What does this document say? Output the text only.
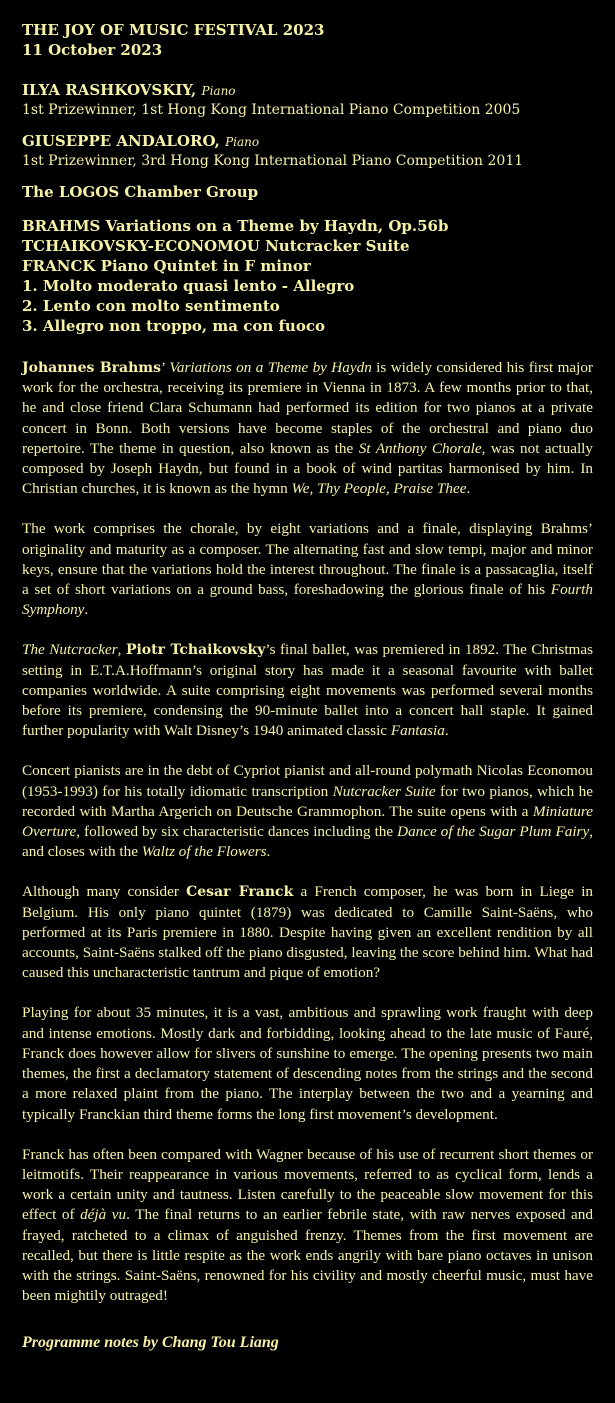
THE JOY OF MUSIC FESTIVAL 2023

11 October 2023

ILYA RASHKOVSKIY, Piano

1st Prizewinner, 1st Hong Kong International Piano Competition 2005

GIUSEPPE ANDALORO, Piano

1st Prizewinner, 3rd Hong Kong International Piano Competition 2011

The LOGOS Chamber Group

BRAHMS Variations on a Theme by Haydn, Op.56b

TCHAIKOVSKY-ECONOMOU Nutcracker Suite

FRANCK Piano Quintet in F minor

1. Molto moderato quasi lento - Allegro

2. Lento con molto sentimento

3. Allegro non troppo, ma con fuoco

Johannes Brahms’ Variations on a Theme by Haydn is widely considered his first major work for the orchestra, receiving its premiere in Vienna in 1873. A few months prior to that, he and close friend Clara Schumann had performed its edition for two pianos at a private concert in Bonn. Both versions have become staples of the orchestral and piano duo repertoire. The theme in question, also known as the St Anthony Chorale, was not actually composed by Joseph Haydn, but found in a book of wind partitas harmonised by him. In Christian churches, it is known as the hymn We, Thy People, Praise Thee.

The work comprises the chorale, by eight variations and a finale, displaying Brahms’ originality and maturity as a composer. The alternating fast and slow tempi, major and minor keys, ensure that the variations hold the interest throughout. The finale is a passacaglia, itself a set of short variations on a ground bass, foreshadowing the glorious finale of his Fourth Symphony.

The Nutcracker, Piotr Tchaikovsky’s final ballet, was premiered in 1892. The Christmas setting in E.T.A.Hoffmann’s original story has made it a seasonal favourite with ballet companies worldwide. A suite comprising eight movements was performed several months before its premiere, condensing the 90-minute ballet into a concert hall staple. It gained further popularity with Walt Disney’s 1940 animated classic Fantasia.

Concert pianists are in the debt of Cypriot pianist and all-round polymath Nicolas Economou (1953-1993) for his totally idiomatic transcription Nutcracker Suite for two pianos, which he recorded with Martha Argerich on Deutsche Grammophon. The suite opens with a Miniature Overture, followed by six characteristic dances including the Dance of the Sugar Plum Fairy, and closes with the Waltz of the Flowers.

Although many consider Cesar Franck a French composer, he was born in Liege in Belgium. His only piano quintet (1879) was dedicated to Camille Saint-Saëns, who performed at its Paris premiere in 1880. Despite having given an excellent rendition by all accounts, Saint-Saëns stalked off the piano disgusted, leaving the score behind him. What had caused this uncharacteristic tantrum and pique of emotion?

Playing for about 35 minutes, it is a vast, ambitious and sprawling work fraught with deep and intense emotions. Mostly dark and forbidding, looking ahead to the late music of Fauré, Franck does however allow for slivers of sunshine to emerge. The opening presents two main themes, the first a declamatory statement of descending notes from the strings and the second a more relaxed plaint from the piano. The interplay between the two and a yearning and typically Franckian third theme forms the long first movement’s development.

Franck has often been compared with Wagner because of his use of recurrent short themes or leitmotifs. Their reappearance in various movements, referred to as cyclical form, lends a work a certain unity and tautness. Listen carefully to the peaceable slow movement for this effect of déjà vu. The final returns to an earlier febrile state, with raw nerves exposed and frayed, ratcheted to a climax of anguished frenzy. Themes from the first movement are recalled, but there is little respite as the work ends angrily with bare piano octaves in unison with the strings. Saint-Saëns, renowned for his civility and mostly cheerful music, must have been mightily outraged!

Programme notes by Chang Tou Liang
